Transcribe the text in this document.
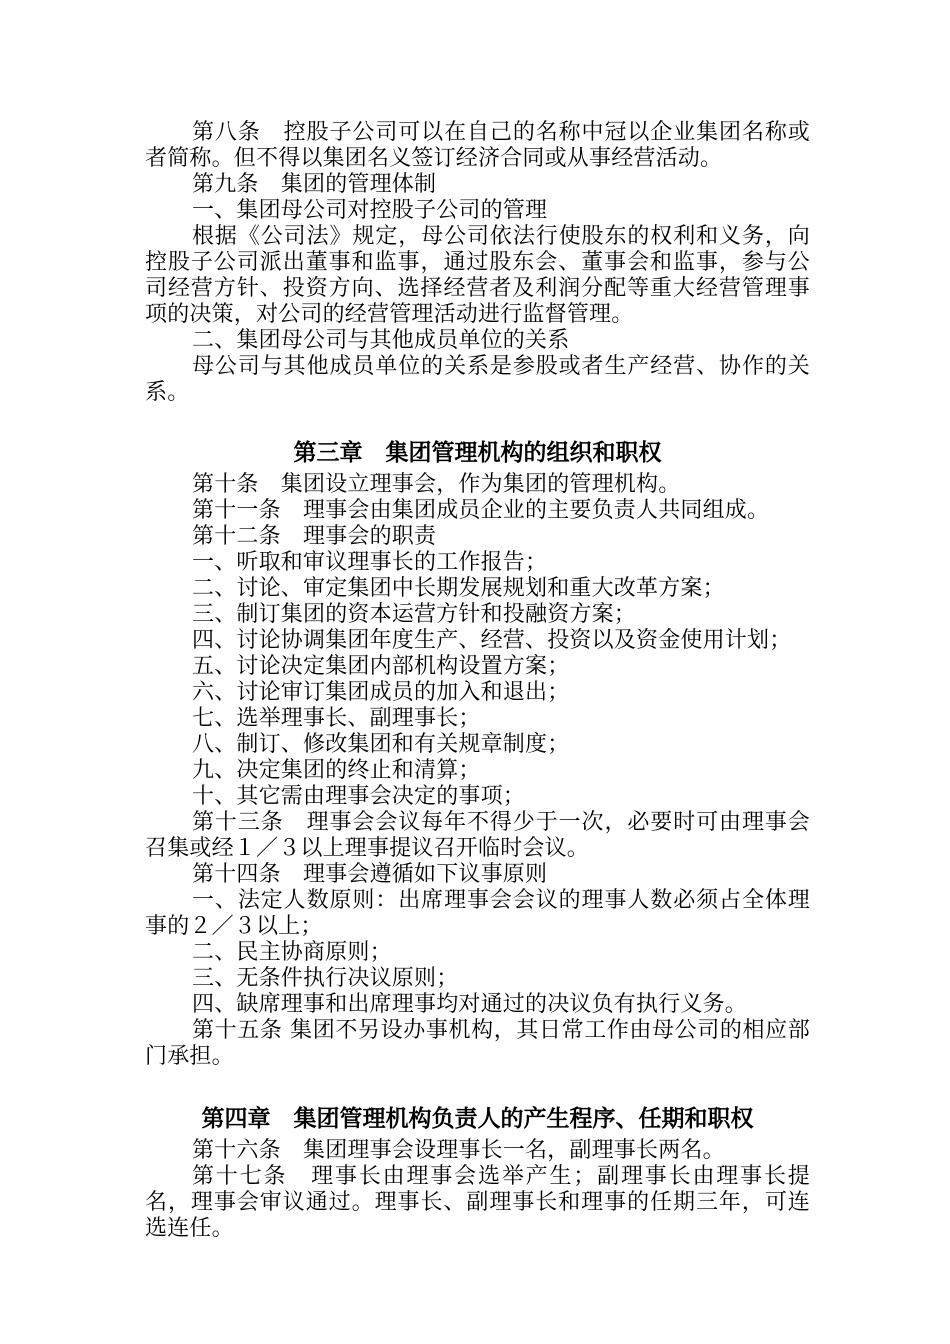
第八条　控股子公司可以在自己的名称中冠以企业集团名称或者简称。但不得以集团名义签订经济合同或从事经营活动。

第九条　集团的管理体制

一、集团母公司对控股子公司的管理

根据《公司法》规定，母公司依法行使股东的权利和义务，向控股子公司派出董事和监事，通过股东会、董事会和监事，参与公司经营方针、投资方向、选择经营者及利润分配等重大经营管理事项的决策，对公司的经营管理活动进行监督管理。

二、集团母公司与其他成员单位的关系

母公司与其他成员单位的关系是参股或者生产经营、协作的关系。

第三章　集团管理机构的组织和职权

第十条　集团设立理事会，作为集团的管理机构。

第十一条　理事会由集团成员企业的主要负责人共同组成。

第十二条　理事会的职责

一、听取和审议理事长的工作报告；

二、讨论、审定集团中长期发展规划和重大改革方案；

三、制订集团的资本运营方针和投融资方案；

四、讨论协调集团年度生产、经营、投资以及资金使用计划；

五、讨论决定集团内部机构设置方案；

六、讨论审订集团成员的加入和退出；

七、选举理事长、副理事长；

八、制订、修改集团和有关规章制度；

九、决定集团的终止和清算；

十、其它需由理事会决定的事项；

第十三条　理事会会议每年不得少于一次，必要时可由理事会召集或经１／３以上理事提议召开临时会议。

第十四条　理事会遵循如下议事原则

一、法定人数原则：出席理事会会议的理事人数必须占全体理事的２／３以上；

二、民主协商原则；

三、无条件执行决议原则；

四、缺席理事和出席理事均对通过的决议负有执行义务。

第十五条 集团不另设办事机构，其日常工作由母公司的相应部门承担。

第四章　集团管理机构负责人的产生程序、任期和职权

第十六条　集团理事会设理事长一名，副理事长两名。

第十七条　理事长由理事会选举产生；副理事长由理事长提名，理事会审议通过。理事长、副理事长和理事的任期三年，可连选连任。
